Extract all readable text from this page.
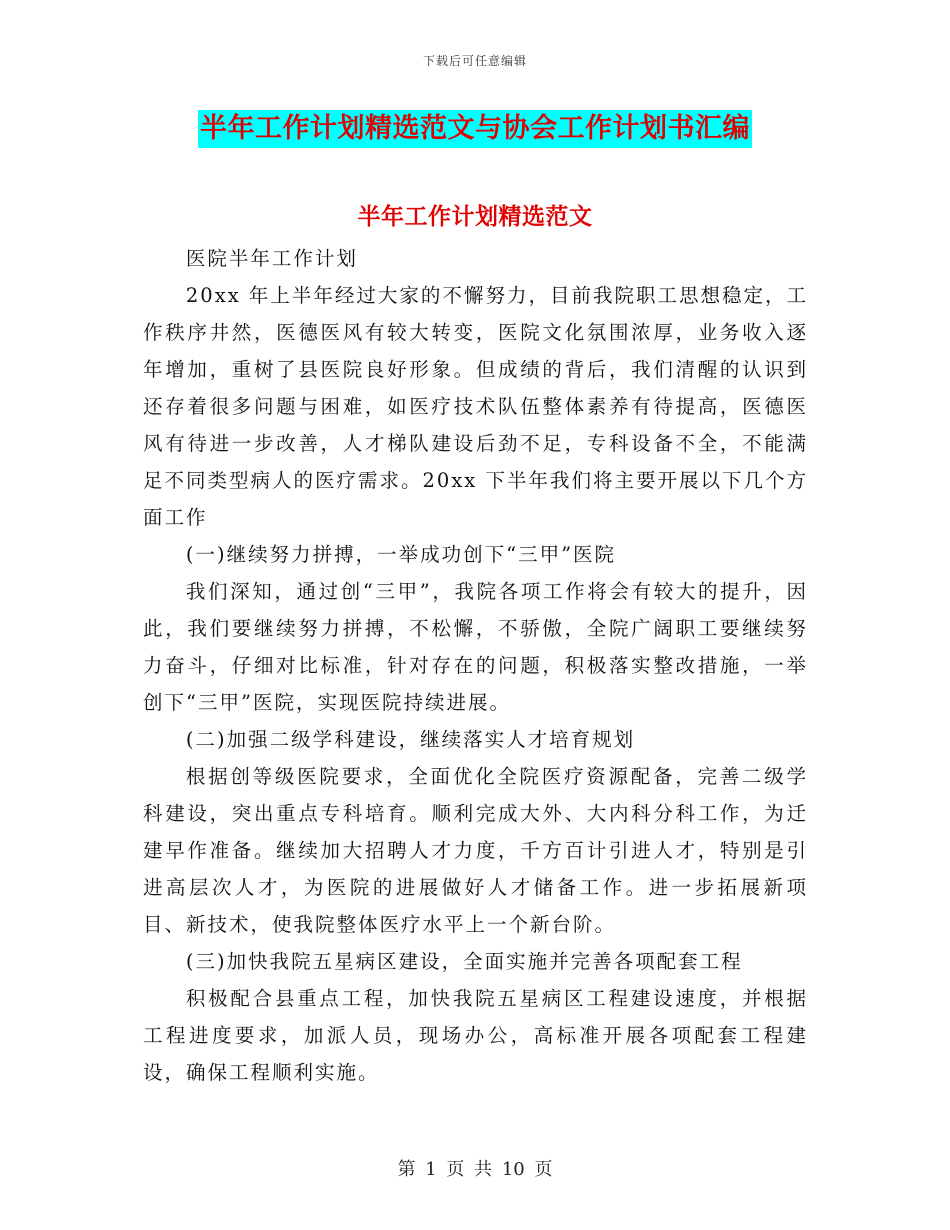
下载后可任意编辑
半年工作计划精选范文与协会工作计划书汇编
半年工作计划精选范文

医院半年工作计划

20xx 年上半年经过大家的不懈努力，目前我院职工思想稳定，工作秩序井然，医德医风有较大转变，医院文化氛围浓厚，业务收入逐年增加，重树了县医院良好形象。但成绩的背后，我们清醒的认识到还存着很多问题与困难，如医疗技术队伍整体素养有待提高，医德医风有待进一步改善，人才梯队建设后劲不足，专科设备不全，不能满足不同类型病人的医疗需求。20xx 下半年我们将主要开展以下几个方面工作

(一)继续努力拼搏，一举成功创下“三甲”医院

我们深知，通过创“三甲”，我院各项工作将会有较大的提升，因此，我们要继续努力拼搏，不松懈，不骄傲，全院广阔职工要继续努力奋斗，仔细对比标准，针对存在的问题，积极落实整改措施，一举创下“三甲”医院，实现医院持续进展。

(二)加强二级学科建设，继续落实人才培育规划

根据创等级医院要求，全面优化全院医疗资源配备，完善二级学科建设，突出重点专科培育。顺利完成大外、大内科分科工作，为迁建早作准备。继续加大招聘人才力度，千方百计引进人才，特别是引进高层次人才，为医院的进展做好人才储备工作。进一步拓展新项目、新技术，使我院整体医疗水平上一个新台阶。

(三)加快我院五星病区建设，全面实施并完善各项配套工程

积极配合县重点工程，加快我院五星病区工程建设速度，并根据工程进度要求，加派人员，现场办公，高标准开展各项配套工程建设，确保工程顺利实施。

第 1 页 共 10 页
